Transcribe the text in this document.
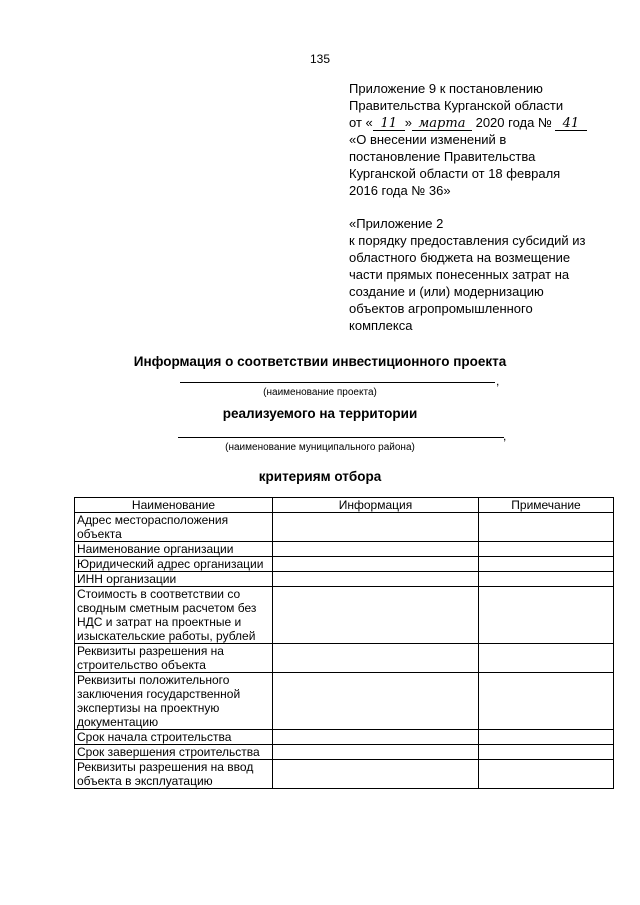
135

Приложение 9 к постановлению

Правительства Курганской области

от « 11 » марта 2020 года № 41

«О внесении изменений в

постановление Правительства

Курганской области от 18 февраля

2016 года № 36»

«Приложение 2

к порядку предоставления субсидий из

областного бюджета на возмещение

части прямых понесенных затрат на

создание и (или) модернизацию

объектов агропромышленного

комплекса

Информация о соответствии инвестиционного проекта
,
(наименование проекта)
реализуемого на территории
,
(наименование муниципального района)
критериям отбора
Наименование	Информация	Примечание
Адрес месторасположения объекта		
Наименование организации		
Юридический адрес организации		
ИНН организации		
Стоимость в соответствии со сводным сметным расчетом без НДС и затрат на проектные и изыскательские работы, рублей		
Реквизиты разрешения на строительство объекта		
Реквизиты положительного заключения государственной экспертизы на проектную документацию		
Срок начала строительства		
Срок завершения строительства		
Реквизиты разрешения на ввод объекта в эксплуатацию		
